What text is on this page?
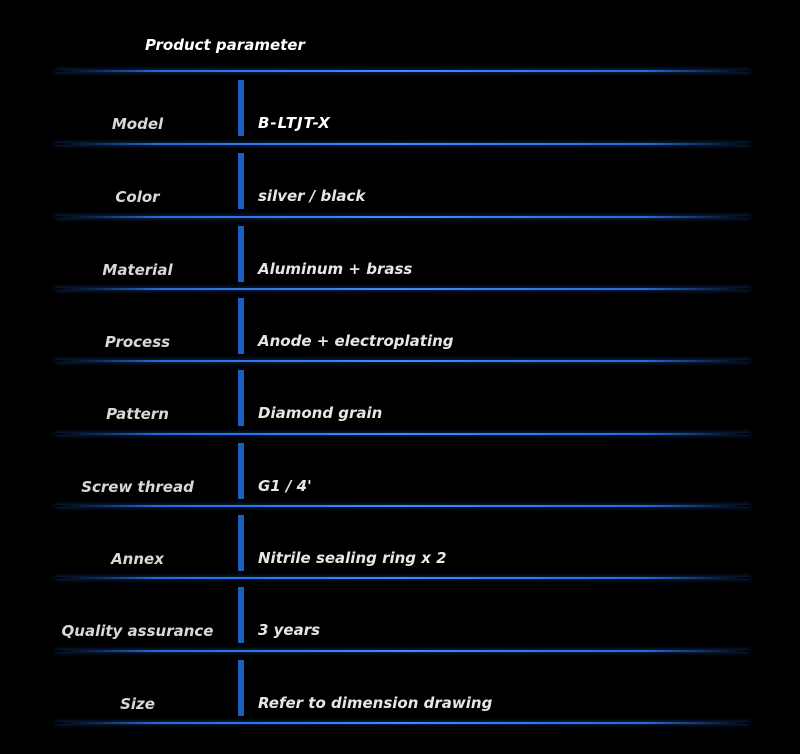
Product parameter
Model	B-LTJT-X
Color	silver / black
Material	Aluminum + brass
Process	Anode + electroplating
Pattern	Diamond grain
Screw thread	G1 / 4'
Annex	Nitrile sealing ring x 2
Quality assurance	3 years
Size	Refer to dimension drawing
